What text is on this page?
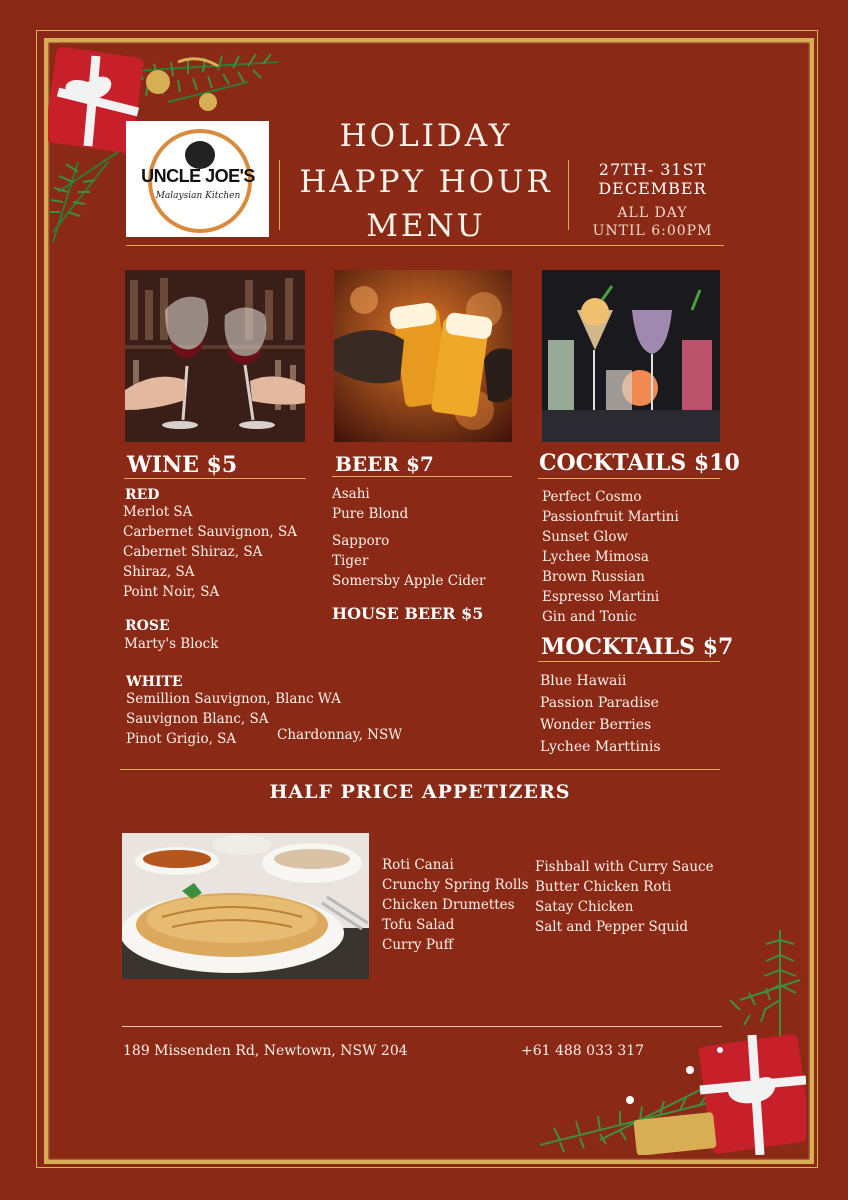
UNCLE JOE'S
Malaysian Kitchen
HOLIDAY
HAPPY HOUR
MENU
27TH- 31ST
DECEMBER
ALL DAY
UNTIL 6:00PM
WINE $5	BEER $7	COCKTAILS $10
RED
Merlot SA
Carbernet Sauvignon, SA
Cabernet Shiraz, SA
Shiraz, SA
Point Noir, SA
ROSE
Marty's Block
WHITE
Semillion Sauvignon, Blanc WA
Sauvignon Blanc, SA
Pinot Grigio, SA	Chardonnay, NSW
Asahi
Pure Blond
Sapporo
Tiger
Somersby Apple Cider
HOUSE BEER $5
Perfect Cosmo
Passionfruit Martini
Sunset Glow
Lychee Mimosa
Brown Russian
Espresso Martini
Gin and Tonic
MOCKTAILS $7
Blue Hawaii
Passion Paradise
Wonder Berries
Lychee Marttinis
HALF PRICE APPETIZERS
Roti Canai
Crunchy Spring Rolls
Chicken Drumettes
Tofu Salad
Curry Puff
Fishball with Curry Sauce
Butter Chicken Roti
Satay Chicken
Salt and Pepper Squid
189 Missenden Rd, Newtown, NSW 204	+61 488 033 317
